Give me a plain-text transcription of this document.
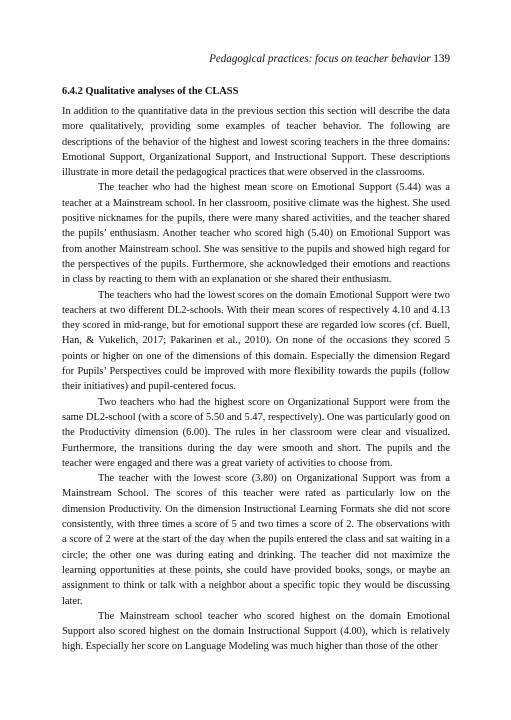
Pedagogical practices: focus on teacher behavior 139
6.4.2 Qualitative analyses of the CLASS

In addition to the quantitative data in the previous section this section will describe the data more qualitatively, providing some examples of teacher behavior. The following are descriptions of the behavior of the highest and lowest scoring teachers in the three domains: Emotional Support, Organizational Support, and Instructional Support. These descriptions illustrate in more detail the pedagogical practices that were observed in the classrooms.

The teacher who had the highest mean score on Emotional Support (5.44) was a teacher at a Mainstream school. In her classroom, positive climate was the highest. She used positive nicknames for the pupils, there were many shared activities, and the teacher shared the pupils’ enthusiasm. Another teacher who scored high (5.40) on Emotional Support was from another Mainstream school. She was sensitive to the pupils and showed high regard for the perspectives of the pupils. Furthermore, she acknowledged their emotions and reactions in class by reacting to them with an explanation or she shared their enthusiasm.

The teachers who had the lowest scores on the domain Emotional Support were two teachers at two different DL2-schools. With their mean scores of respectively 4.10 and 4.13 they scored in mid-range, but for emotional support these are regarded low scores (cf. Buell, Han, & Vukelich, 2017; Pakarinen et al., 2010). On none of the occasions they scored 5 points or higher on one of the dimensions of this domain. Especially the dimension Regard for Pupils’ Perspectives could be improved with more flexibility towards the pupils (follow their initiatives) and pupil-centered focus.

Two teachers who had the highest score on Organizational Support were from the same DL2-school (with a score of 5.50 and 5.47, respectively). One was particularly good on the Productivity dimension (6.00). The rules in her classroom were clear and visualized. Furthermore, the transitions during the day were smooth and short. The pupils and the teacher were engaged and there was a great variety of activities to choose from.

The teacher with the lowest score (3.80) on Organizational Support was from a Mainstream School. The scores of this teacher were rated as particularly low on the dimension Productivity. On the dimension Instructional Learning Formats she did not score consistently, with three times a score of 5 and two times a score of 2. The observations with a score of 2 were at the start of the day when the pupils entered the class and sat waiting in a circle; the other one was during eating and drinking. The teacher did not maximize the learning opportunities at these points, she could have provided books, songs, or maybe an assignment to think or talk with a neighbor about a specific topic they would be discussing later.

The Mainstream school teacher who scored highest on the domain Emotional Support also scored highest on the domain Instructional Support (4.00), which is relatively high. Especially her score on Language Modeling was much higher than those of the other
